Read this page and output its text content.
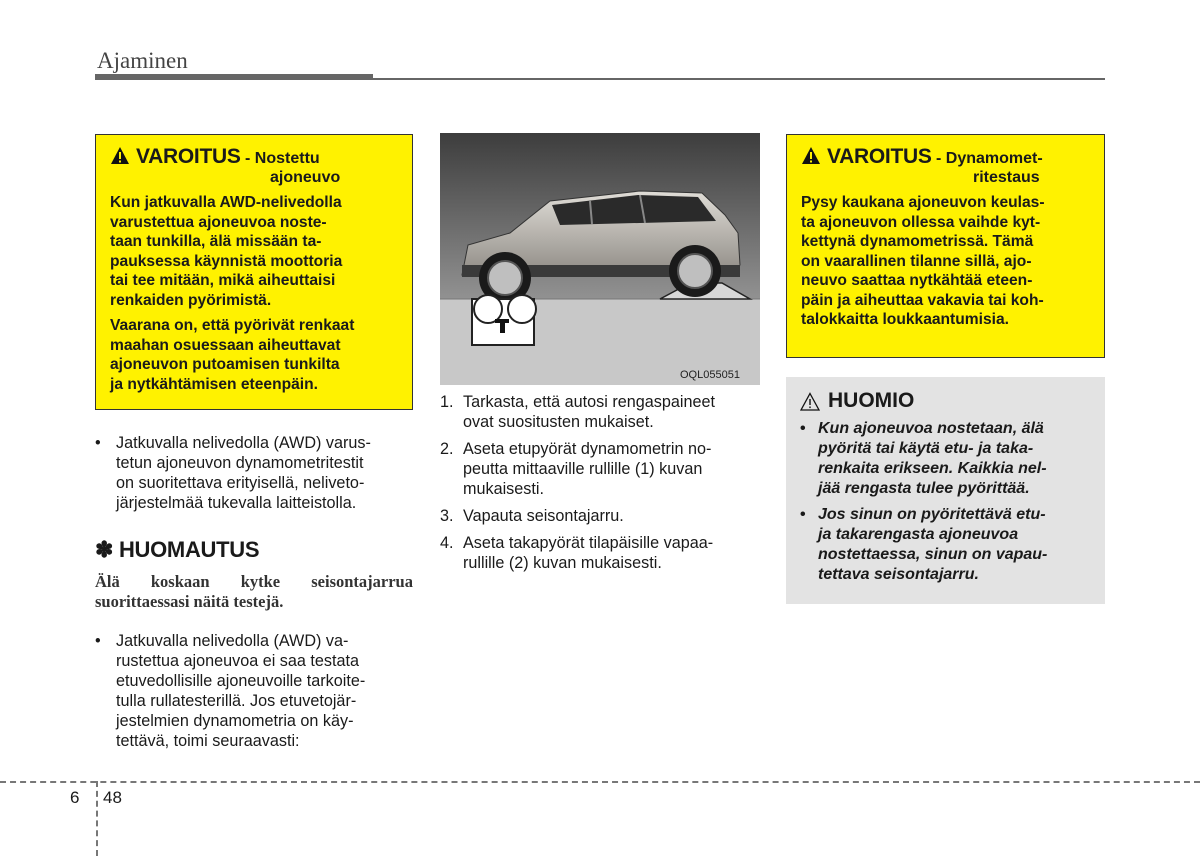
Ajaminen
VAROITUS - Nostettu
ajoneuvo

Kun jatkuvalla AWD-nelivedolla
varustettua ajoneuvoa noste-
taan tunkilla, älä missään ta-
pauksessa käynnistä moottoria
tai tee mitään, mikä aiheuttaisi
renkaiden pyörimistä.

Vaarana on, että pyörivät renkaat
maahan osuessaan aiheuttavat
ajoneuvon putoamisen tunkilta
ja nytkähtämisen eteenpäin.

• Jatkuvalla nelivedolla (AWD) varus-
tetun ajoneuvon dynamometritestit
on suoritettava erityisellä, neliveto-
järjestelmää tukevalla laitteistolla.
✽ HUOMAUTUS
Älä koskaan kytke seisontajarrua
suorittaessasi näitä testejä.
• Jatkuvalla nelivedolla (AWD) va-
rustettua ajoneuvoa ei saa testata
etuvedollisille ajoneuvoille tarkoite-
tulla rullatesterillä. Jos etuvetojär-
jestelmien dynamometria on käy-
tettävä, toimi seuraavasti:
OQL055051
1. Tarkasta, että autosi rengaspaineet
ovat suositusten mukaiset.
2. Aseta etupyörät dynamometrin no-
peutta mittaaville rullille (1) kuvan
mukaisesti.
3. Vapauta seisontajarru.
4. Aseta takapyörät tilapäisille vapaa-
rullille (2) kuvan mukaisesti.
VAROITUS - Dynamomet-
ritestaus

Pysy kaukana ajoneuvon keulas-
ta ajoneuvon ollessa vaihde kyt-
kettynä dynamometrissä. Tämä
on vaarallinen tilanne sillä, ajo-
neuvo saattaa nytkähtää eteen-
päin ja aiheuttaa vakavia tai koh-
talokkaitta loukkaantumisia.

HUOMIO
• Kun ajoneuvoa nostetaan, älä
pyöritä tai käytä etu- ja taka-
renkaita erikseen. Kaikkia nel-
jää rengasta tulee pyörittää.
• Jos sinun on pyöritettävä etu-
ja takarengasta ajoneuvoa
nostettaessa, sinun on vapau-
tettava seisontajarru.
6 48
